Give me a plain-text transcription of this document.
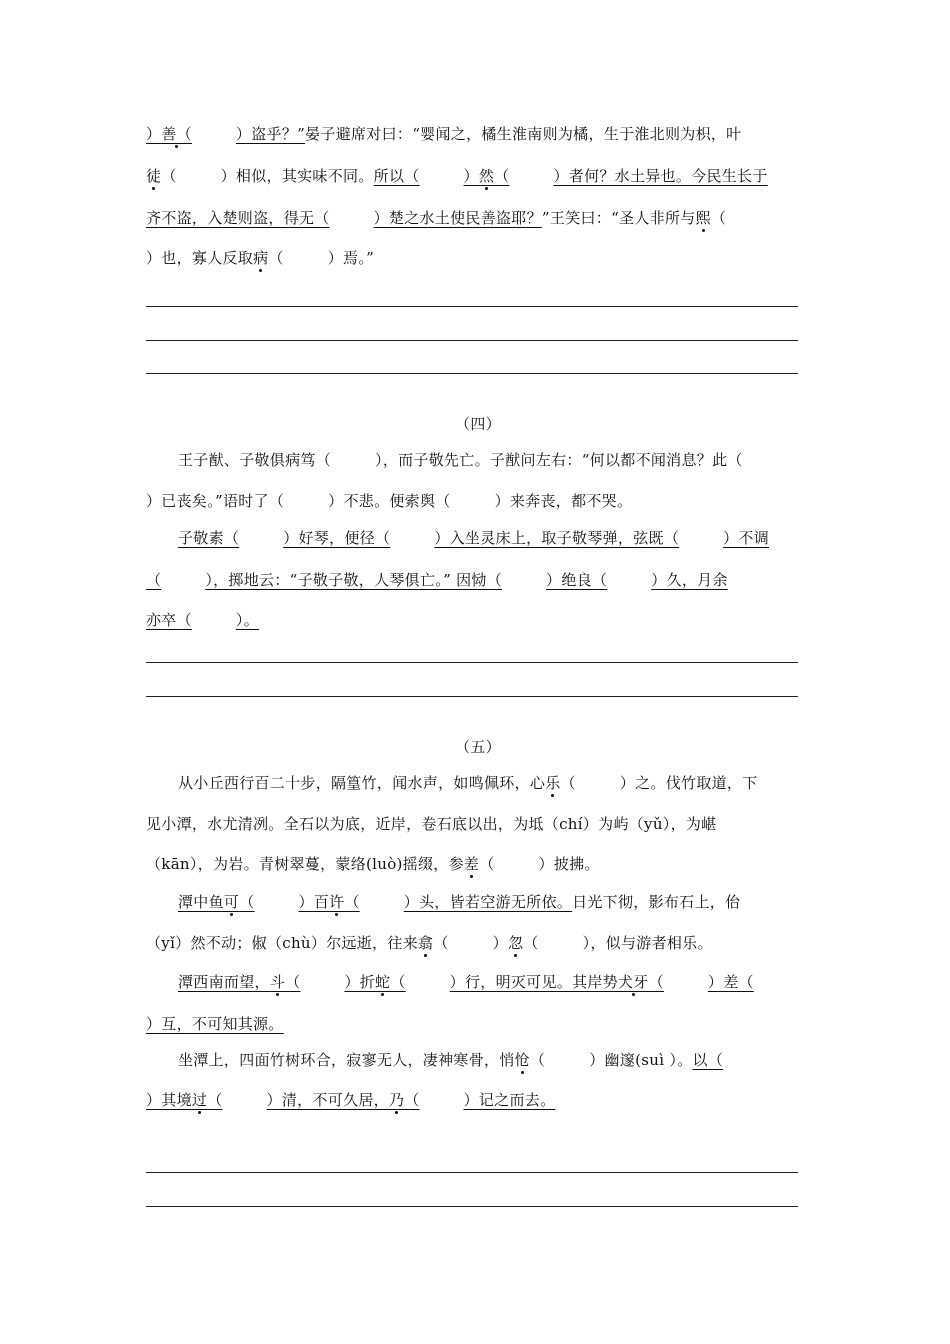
）善（	）盗乎？”晏子避席对曰：“婴闻之，橘生淮南则为橘，生于淮北则为枳，叶
徒（	）相似，其实味不同。所以（	）然（	）者何？水土异也。今民生长于
齐不盗，入楚则盗，得无（	）楚之水土使民善盗耶？”王笑曰：“圣人非所与熙（
）也，寡人反取病（	）焉。”
（四）
王子猷、子敬俱病笃（	），而子敬先亡。子猷问左右：“何以都不闻消息？此（
）已丧矣。”语时了（	）不悲。便索舆（	）来奔丧，都不哭。
子敬素（	）好琴，便径（	）入坐灵床上，取子敬琴弹，弦既（	）不调
（	），掷地云：“子敬子敬，人琴俱亡。” 因恸（	）绝良（	）久，月余
亦卒（	）。
（五）
从小丘西行百二十步，隔篁竹，闻水声，如鸣佩环，心乐（	）之。伐竹取道，下
见小潭，水尤清冽。全石以为底，近岸，卷石底以出，为坻（chí）为屿（yǔ），为嵁
（kān），为岩。青树翠蔓，蒙络(luò)摇缀，参差（	）披拂。
潭中鱼可（	）百许（	）头，皆若空游无所依。日光下彻，影布石上，佁
（yǐ）然不动；俶（chù）尔远逝，往来翕（	）忽（	），似与游者相乐。
潭西南而望，斗（	）折蛇（	）行，明灭可见。其岸势犬牙（	）差（
）互，不可知其源。
坐潭上，四面竹树环合，寂寥无人，凄神寒骨，悄怆（	）幽邃(suì ）。以（
）其境过（	）清，不可久居，乃（	）记之而去。
